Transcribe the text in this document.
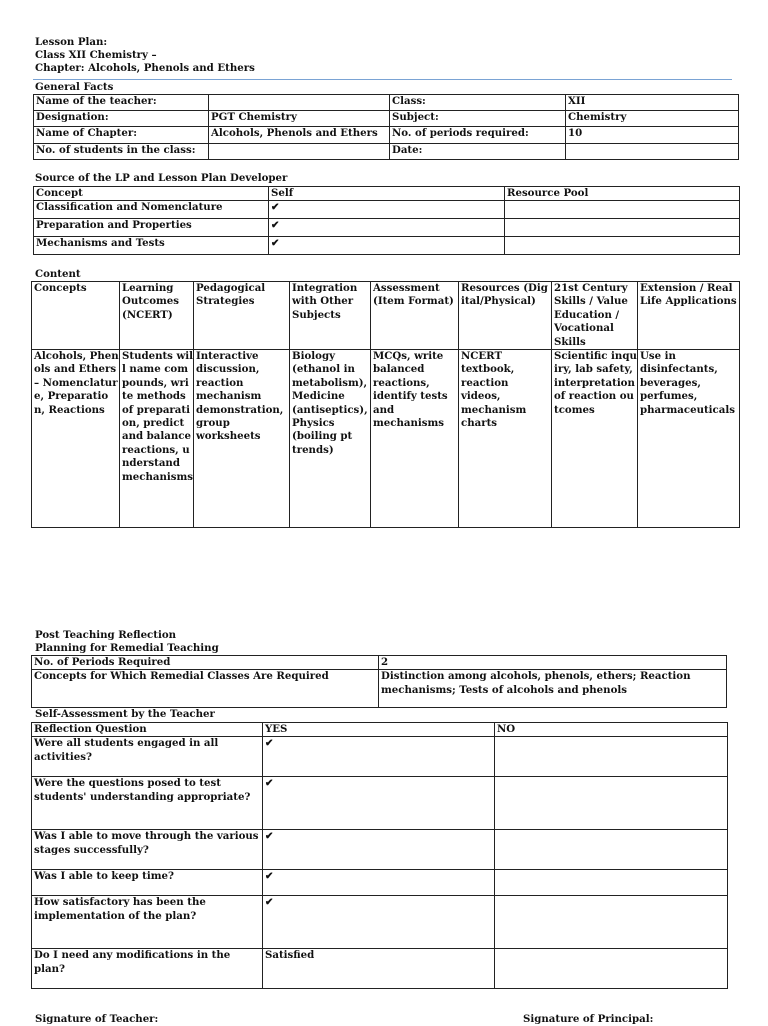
Lesson Plan:
Class XII Chemistry –
Chapter: Alcohols, Phenols and Ethers
General Facts
Name of the teacher:		Class:	XII
Designation:	PGT Chemistry	Subject:	Chemistry
Name of Chapter:	Alcohols, Phenols and Ethers	No. of periods required:	10
No. of students in the class:		Date:	
Source of the LP and Lesson Plan Developer
Concept	Self	Resource Pool
Classification and Nomenclature	✔	
Preparation and Properties	✔	
Mechanisms and Tests	✔	
Content
Concepts	Learning Outcomes (NCERT)	Pedagogical Strategies	Integration with Other Subjects	Assessment (Item Format)	Resources (Digital/Physical)	21st Century Skills / Value Education / Vocational Skills	Extension / Real Life Applications
Alcohols, Phenols and Ethers – Nomenclature, Preparation, Reactions	Students will name compounds, write methods of preparation, predict and balance reactions, understand mechanisms	Interactive discussion, reaction mechanism demonstration, group worksheets	Biology (ethanol in metabolism), Medicine (antiseptics), Physics (boiling pt trends)	MCQs, write balanced reactions, identify tests and mechanisms	NCERT textbook, reaction videos, mechanism charts	Scientific inquiry, lab safety, interpretation of reaction outcomes	Use in disinfectants, beverages, perfumes, pharmaceuticals
Post Teaching Reflection
Planning for Remedial Teaching
No. of Periods Required	2
Concepts for Which Remedial Classes Are Required	Distinction among alcohols, phenols, ethers; Reaction mechanisms; Tests of alcohols and phenols
Self-Assessment by the Teacher
Reflection Question	YES	NO
Were all students engaged in all activities?	✔	
Were the questions posed to test students' understanding appropriate?	✔	
Was I able to move through the various stages successfully?	✔	
Was I able to keep time?	✔	
How satisfactory has been the implementation of the plan?	✔	
Do I need any modifications in the plan?	Satisfied	
Signature of Teacher:	Signature of Principal:
